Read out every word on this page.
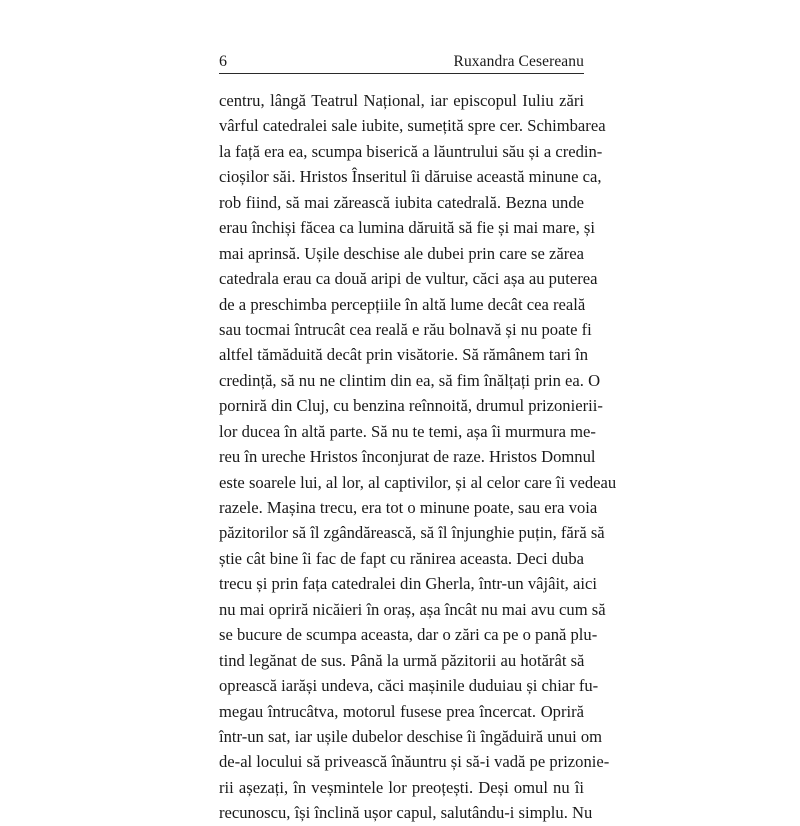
6	Ruxandra Cesereanu
centru, lângă Teatrul Național, iar episcopul Iuliu zări
vârful catedralei sale iubite, sumețită spre cer. Schimbarea
la față era ea, scumpa biserică a lăuntrului său și a credin-
cioșilor săi. Hristos Înseritul îi dăruise această minune ca,
rob fiind, să mai zărească iubita catedrală. Bezna unde
erau închiși făcea ca lumina dăruită să fie și mai mare, și
mai aprinsă. Ușile deschise ale dubei prin care se zărea
catedrala erau ca două aripi de vultur, căci așa au puterea
de a preschimba percepțiile în altă lume decât cea reală
sau tocmai întrucât cea reală e rău bolnavă și nu poate fi
altfel tămăduită decât prin visătorie. Să rămânem tari în
credință, să nu ne clintim din ea, să fim înălțați prin ea. O
porniră din Cluj, cu benzina reînnoită, drumul prizonierii-
lor ducea în altă parte. Să nu te temi, așa îi murmura me-
reu în ureche Hristos înconjurat de raze. Hristos Domnul
este soarele lui, al lor, al captivilor, și al celor care îi vedeau
razele. Mașina trecu, era tot o minune poate, sau era voia
păzitorilor să îl zgândărească, să îl înjunghie puțin, fără să
știe cât bine îi fac de fapt cu rănirea aceasta. Deci duba
trecu și prin fața catedralei din Gherla, într-un vâjâit, aici
nu mai opriră nicăieri în oraș, așa încât nu mai avu cum să
se bucure de scumpa aceasta, dar o zări ca pe o pană plu-
tind legănat de sus. Până la urmă păzitorii au hotărât să
oprească iarăși undeva, căci mașinile duduiau și chiar fu-
megau întrucâtva, motorul fusese prea încercat. Opriră
într-un sat, iar ușile dubelor deschise îi îngăduiră unui om
de-al locului să privească înăuntru și să-i vadă pe prizonie-
rii așezați, în veșmintele lor preoțești. Deși omul nu îi
recunoscu, își înclină ușor capul, salutându-i simplu. Nu
